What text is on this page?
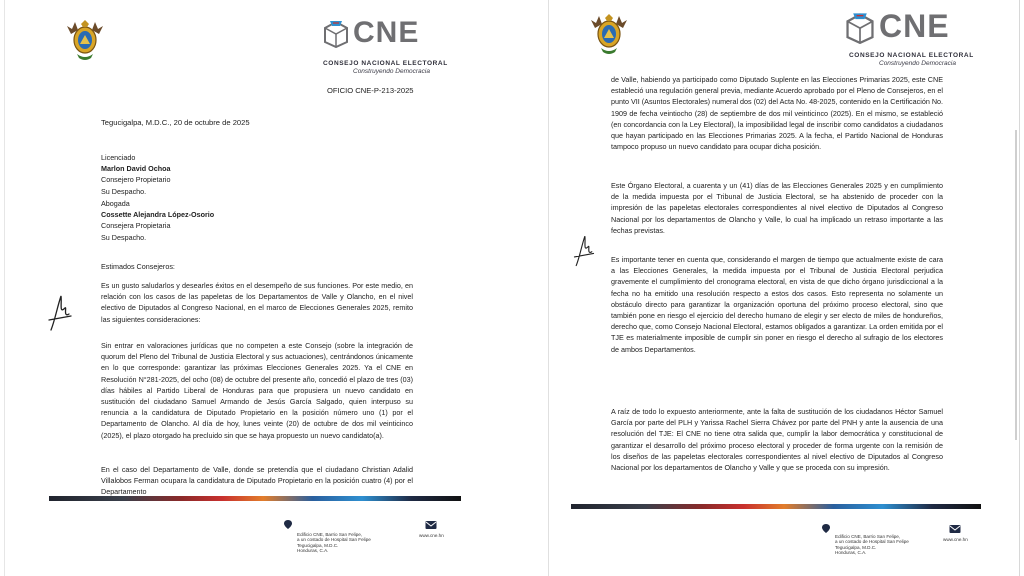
CNE
CONSEJO NACIONAL ELECTORAL
Construyendo Democracia
OFICIO CNE-P-213-2025
Tegucigalpa, M.D.C., 20 de octubre de 2025
Licenciado
Marlon David Ochoa
Consejero Propietario
Su Despacho.
Abogada
Cossette Alejandra López-Osorio
Consejera Propietaria
Su Despacho.
Estimados Consejeros:
Es un gusto saludarlos y desearles éxitos en el desempeño de sus funciones. Por este medio, en relación con los casos de las papeletas de los Departamentos de Valle y Olancho, en el nivel electivo de Diputados al Congreso Nacional, en el marco de Elecciones Generales 2025, remito las siguientes consideraciones:
Sin entrar en valoraciones jurídicas que no competen a este Consejo (sobre la integración de quorum del Pleno del Tribunal de Justicia Electoral y sus actuaciones), centrándonos únicamente en lo que corresponde: garantizar las próximas Elecciones Generales 2025. Ya el CNE en Resolución N°281-2025, del ocho (08) de octubre del presente año, concedió el plazo de tres (03) días hábiles al Partido Liberal de Honduras para que propusiera un nuevo candidato en sustitución del ciudadano Samuel Armando de Jesús García Salgado, quien interpuso su renuncia a la candidatura de Diputado Propietario en la posición número uno (1) por el Departamento de Olancho. Al día de hoy, lunes veinte (20) de octubre de dos mil veinticinco (2025), el plazo otorgado ha precluido sin que se haya propuesto un nuevo candidato(a).
En el caso del Departamento de Valle, donde se pretendía que el ciudadano Christian Adalid Villalobos Ferman ocupara la candidatura de Diputado Propietario en la posición cuatro (4) por el Departamento
Edificio CNE, Barrio San Felipe,
a un costado de Hospital San Felipe
Tegucigalpa, M.D.C.
Honduras, C.A.
www.cne.hn
CNE
CONSEJO NACIONAL ELECTORAL
Construyendo Democracia
de Valle, habiendo ya participado como Diputado Suplente en las Elecciones Primarias 2025, este CNE estableció una regulación general previa, mediante Acuerdo aprobado por el Pleno de Consejeros, en el punto VII (Asuntos Electorales) numeral dos (02) del Acta No. 48-2025, contenido en la Certificación No. 1909 de fecha veintiocho (28) de septiembre de dos mil veinticinco (2025). En el mismo, se estableció (en concordancia con la Ley Electoral), la imposibilidad legal de inscribir como candidatos a ciudadanos que hayan participado en las Elecciones Primarias 2025. A la fecha, el Partido Nacional de Honduras tampoco propuso un nuevo candidato para ocupar dicha posición.
Este Órgano Electoral, a cuarenta y un (41) días de las Elecciones Generales 2025 y en cumplimiento de la medida impuesta por el Tribunal de Justicia Electoral, se ha abstenido de proceder con la impresión de las papeletas electorales correspondientes al nivel electivo de Diputados al Congreso Nacional por los departamentos de Olancho y Valle, lo cual ha implicado un retraso importante a las fechas previstas.
Es importante tener en cuenta que, considerando el margen de tiempo que actualmente existe de cara a las Elecciones Generales, la medida impuesta por el Tribunal de Justicia Electoral perjudica gravemente el cumplimiento del cronograma electoral, en vista de que dicho órgano jurisdiccional a la fecha no ha emitido una resolución respecto a estos dos casos. Esto representa no solamente un obstáculo directo para garantizar la organización oportuna del próximo proceso electoral, sino que también pone en riesgo el ejercicio del derecho humano de elegir y ser electo de miles de hondureños, derecho que, como Consejo Nacional Electoral, estamos obligados a garantizar. La orden emitida por el TJE es materialmente imposible de cumplir sin poner en riesgo el derecho al sufragio de los electores de ambos Departamentos.
A raíz de todo lo expuesto anteriormente, ante la falta de sustitución de los ciudadanos Héctor Samuel García por parte del PLH y Yarissa Rachel Sierra Chávez por parte del PNH y ante la ausencia de una resolución del TJE: El CNE no tiene otra salida que, cumplir la labor democrática y constitucional de garantizar el desarrollo del próximo proceso electoral y proceder de forma urgente con la remisión de los diseños de las papeletas electorales correspondientes al nivel electivo de Diputados al Congreso Nacional por los departamentos de Olancho y Valle y que se proceda con su impresión.
Edificio CNE, Barrio San Felipe,
a un costado de Hospital San Felipe
Tegucigalpa, M.D.C.
Honduras, C.A.
www.cne.hn
